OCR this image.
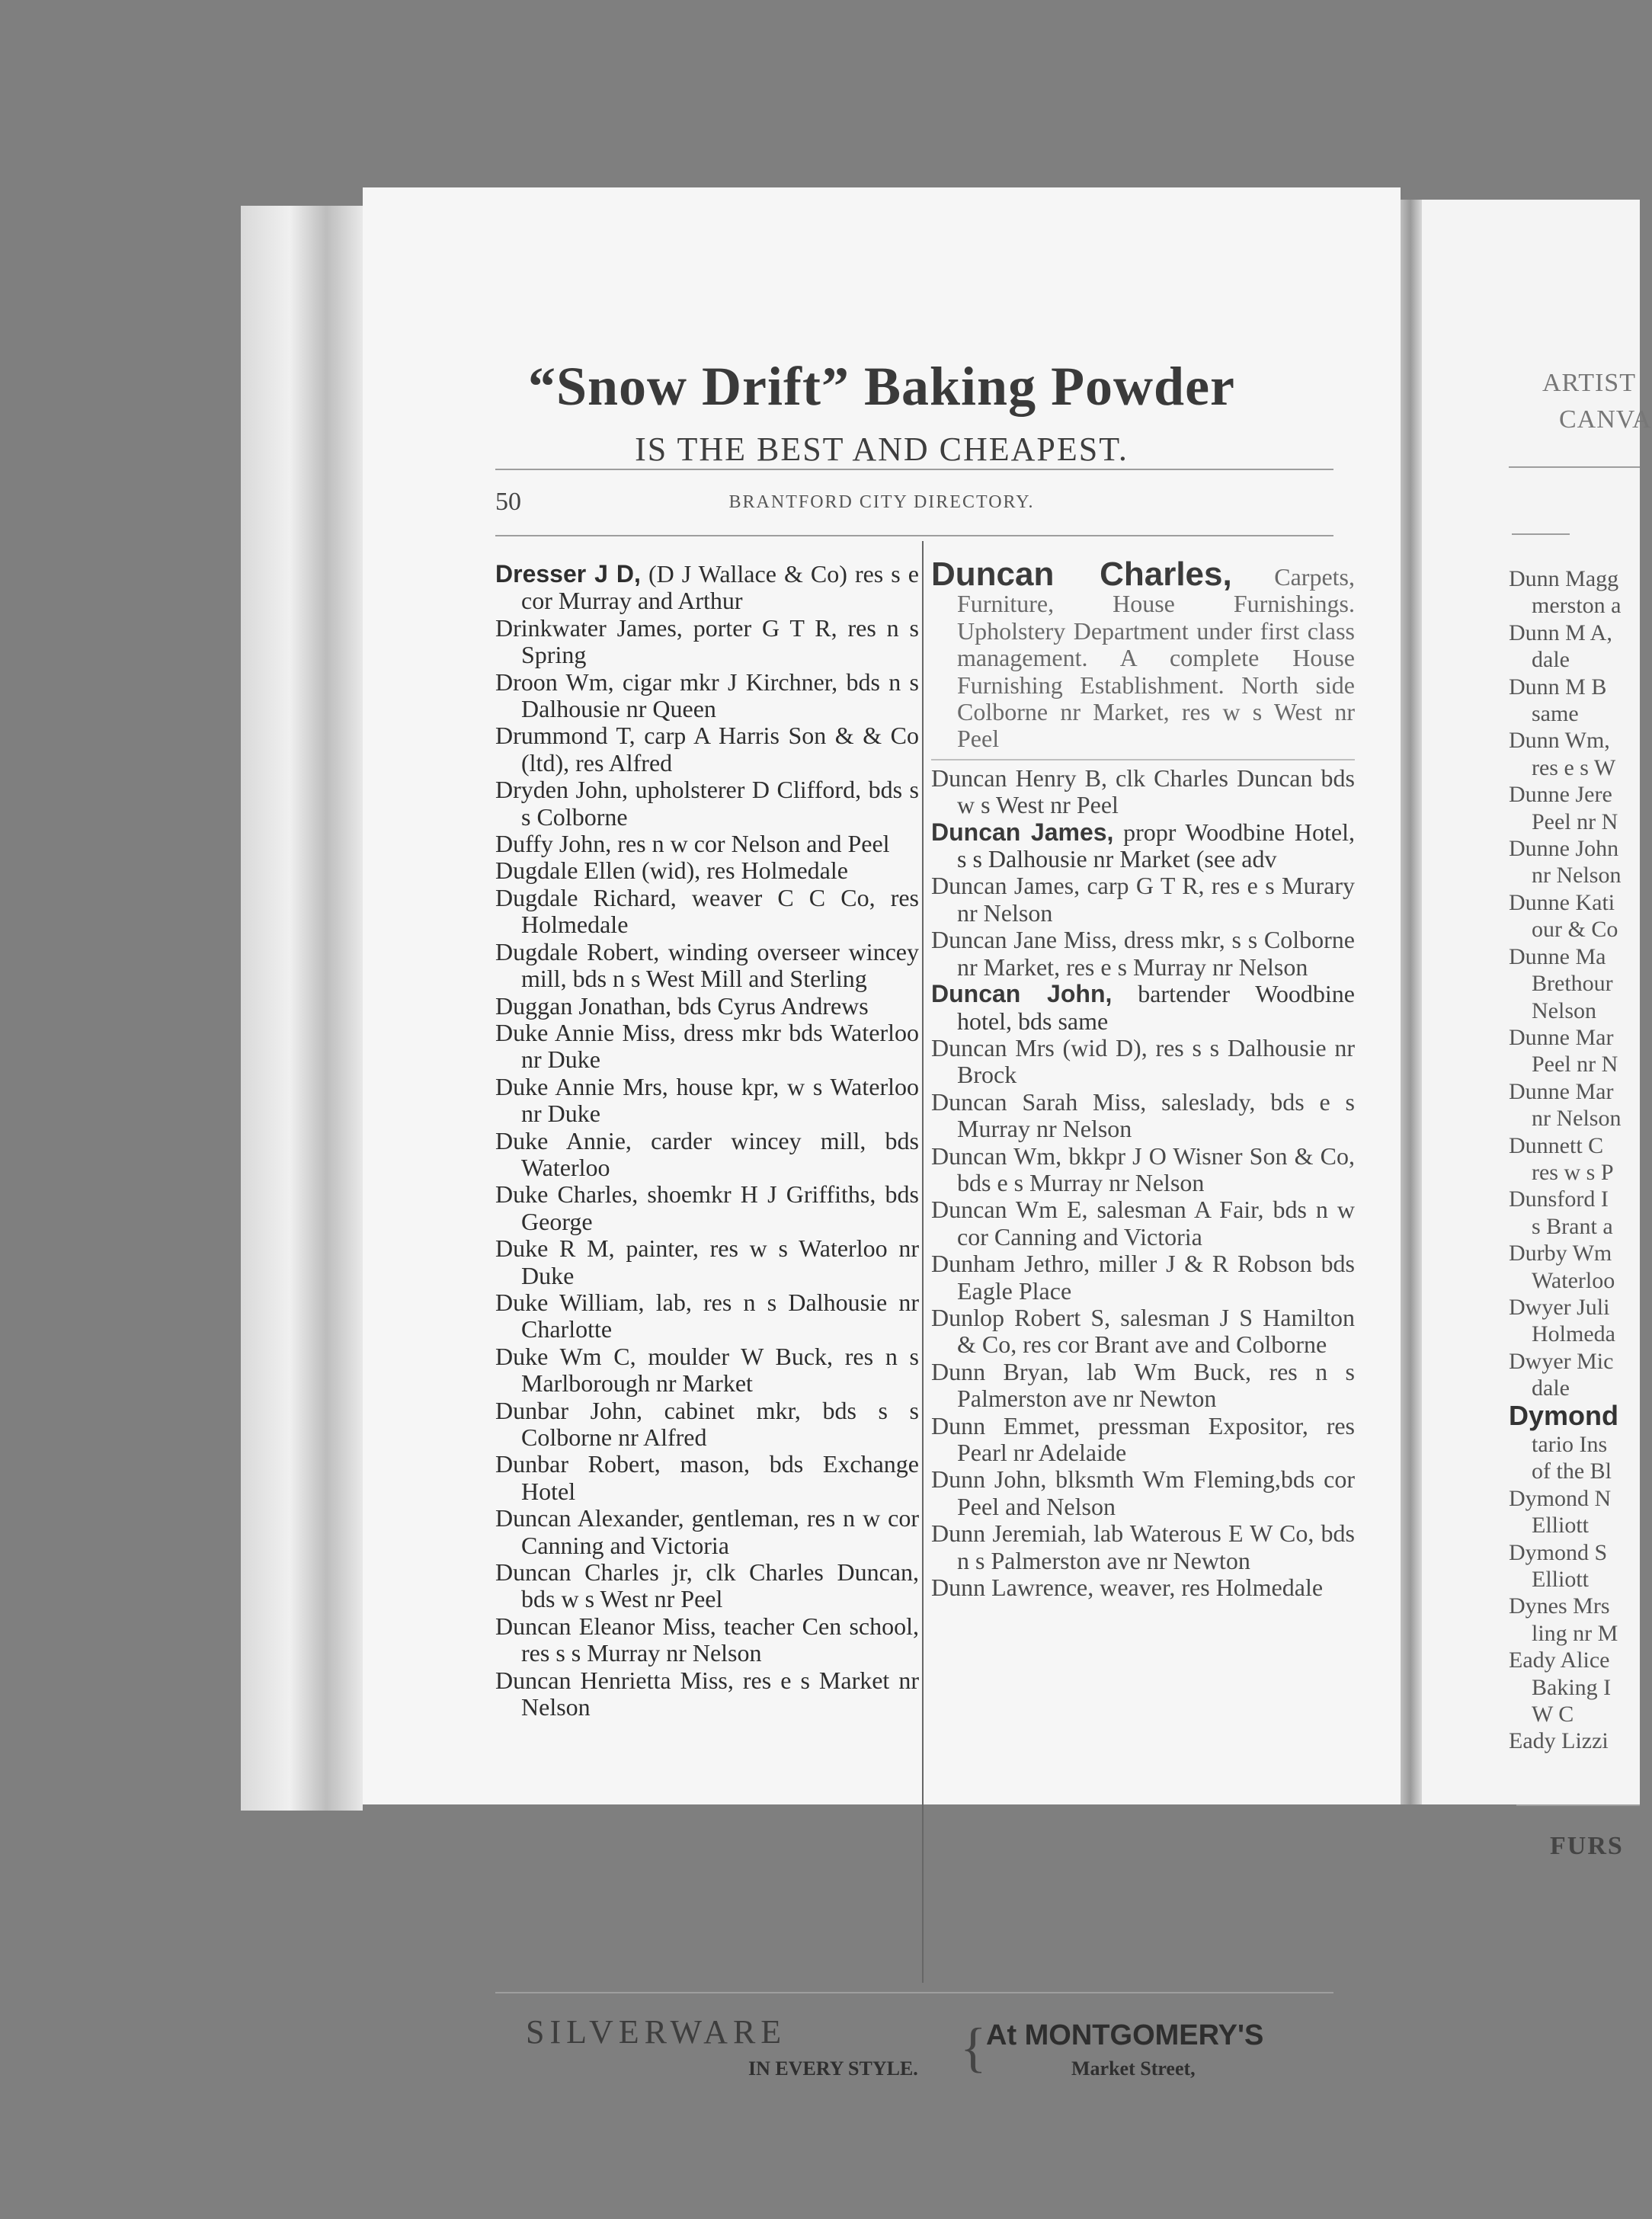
“Snow Drift” Baking Powder
IS THE BEST AND CHEAPEST.
50	BRANTFORD CITY DIRECTORY.
Dresser J D, (D J Wallace & Co) res s e cor Murray and Arthur
Drinkwater James, porter G T R, res n s Spring
Droon Wm, cigar mkr J Kirchner, bds n s Dalhousie nr Queen
Drummond T, carp A Harris Son & & Co (ltd), res Alfred
Dryden John, upholsterer D Clifford, bds s s Colborne
Duffy John, res n w cor Nelson and Peel
Dugdale Ellen (wid), res Holmedale
Dugdale Richard, weaver C C Co, res Holmedale
Dugdale Robert, winding overseer wincey mill, bds n s West Mill and Sterling
Duggan Jonathan, bds Cyrus Andrews
Duke Annie Miss, dress mkr bds Waterloo nr Duke
Duke Annie Mrs, house kpr, w s Waterloo nr Duke
Duke Annie, carder wincey mill, bds Waterloo
Duke Charles, shoemkr H J Griffiths, bds George
Duke R M, painter, res w s Waterloo nr Duke
Duke William, lab, res n s Dalhousie nr Charlotte
Duke Wm C, moulder W Buck, res n s Marlborough nr Market
Dunbar John, cabinet mkr, bds s s Colborne nr Alfred
Dunbar Robert, mason, bds Exchange Hotel
Duncan Alexander, gentleman, res n w cor Canning and Victoria
Duncan Charles jr, clk Charles Duncan, bds w s West nr Peel
Duncan Eleanor Miss, teacher Cen school, res s s Murray nr Nelson
Duncan Henrietta Miss, res e s Market nr Nelson
Duncan Charles, Carpets, Furniture, House Furnishings. Upholstery Department under first class management. A complete House Furnishing Establishment. North side Colborne nr Market, res w s West nr Peel
Duncan Henry B, clk Charles Duncan bds w s West nr Peel
Duncan James, propr Woodbine Hotel, s s Dalhousie nr Market (see adv
Duncan James, carp G T R, res e s Murary nr Nelson
Duncan Jane Miss, dress mkr, s s Colborne nr Market, res e s Murray nr Nelson
Duncan John, bartender Woodbine hotel, bds same
Duncan Mrs (wid D), res s s Dalhousie nr Brock
Duncan Sarah Miss, saleslady, bds e s Murray nr Nelson
Duncan Wm, bkkpr J O Wisner Son & Co, bds e s Murray nr Nelson
Duncan Wm E, salesman A Fair, bds n w cor Canning and Victoria
Dunham Jethro, miller J & R Robson bds Eagle Place
Dunlop Robert S, salesman J S Hamilton & Co, res cor Brant ave and Colborne
Dunn Bryan, lab Wm Buck, res n s Palmerston ave nr Newton
Dunn Emmet, pressman Expositor, res Pearl nr Adelaide
Dunn John, blksmth Wm Fleming,bds cor Peel and Nelson
Dunn Jeremiah, lab Waterous E W Co, bds n s Palmerston ave nr Newton
Dunn Lawrence, weaver, res Holmedale
SILVERWARE
IN EVERY STYLE. { At MONTGOMERY'S
Market Street,
ARTIST
CANVA
Dunn Magg
merston a
Dunn M A,
dale
Dunn M B
same
Dunn Wm,
res e s W
Dunne Jere
Peel nr N
Dunne John
nr Nelson
Dunne Kati
our & Co
Dunne Ma
Brethour
Nelson
Dunne Mar
Peel nr N
Dunne Mar
nr Nelson
Dunnett C
res w s P
Dunsford I
s Brant a
Durby Wm
Waterloo
Dwyer Juli
Holmeda
Dwyer Mic
dale
Dymond
tario Ins
of the Bl
Dymond N
Elliott
Dymond S
Elliott
Dynes Mrs
ling nr M
Eady Alice
Baking I
W C
Eady Lizzi
FURS
